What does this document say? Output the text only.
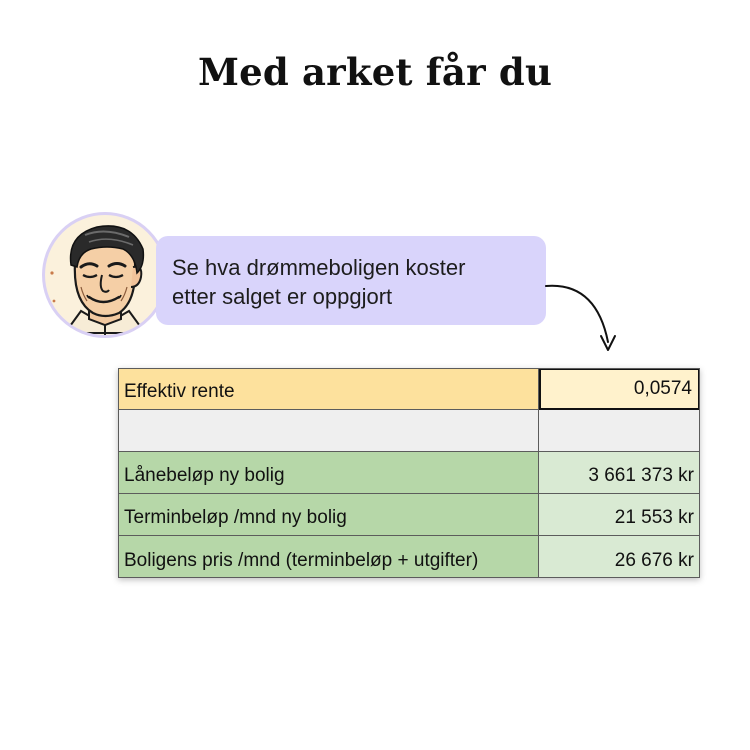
Med arket får du
Se hva drømmeboligen koster
etter salget er oppgjort
Effektiv rente	0,0574
Lånebeløp ny bolig	3 661 373 kr
Terminbeløp /mnd ny bolig	21 553 kr
Boligens pris /mnd (terminbeløp + utgifter)	26 676 kr
